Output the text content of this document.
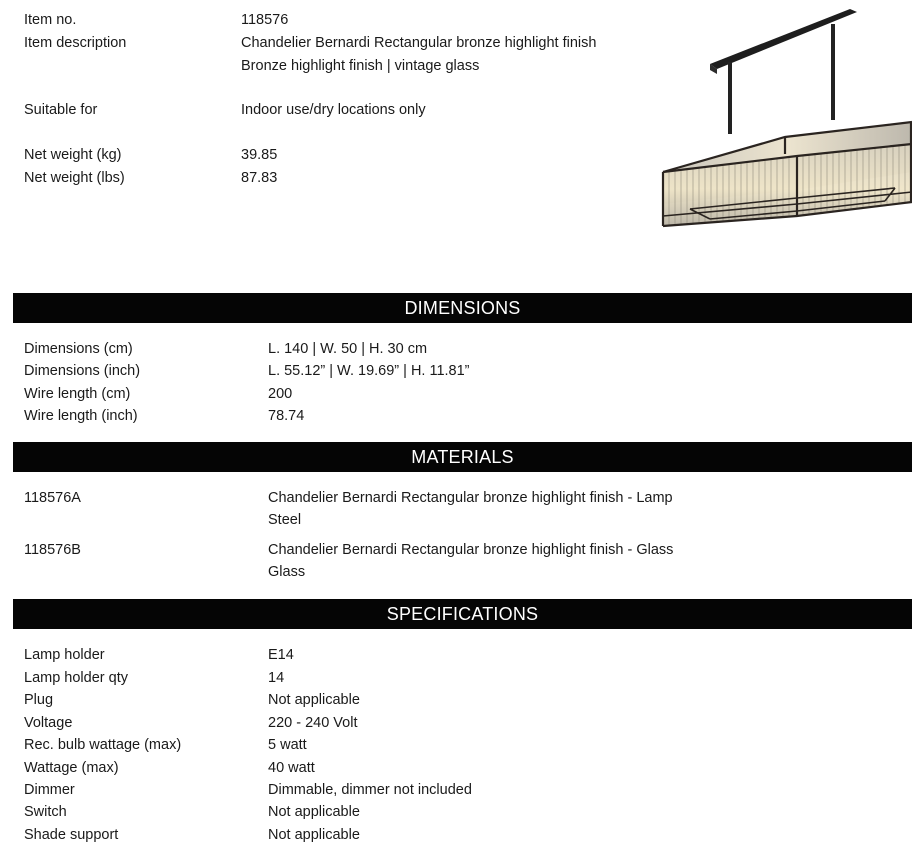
Item no.	118576
Item description	Chandelier Bernardi Rectangular bronze highlight finish
Bronze highlight finish | vintage glass
Suitable for	Indoor use/dry locations only
Net weight (kg)	39.85
Net weight (lbs)	87.83
DIMENSIONS
Dimensions (cm)	L. 140 | W. 50 | H. 30 cm
Dimensions (inch)	L. 55.12” | W. 19.69” | H. 11.81”
Wire length (cm)	200
Wire length (inch)	78.74
MATERIALS
118576A	Chandelier Bernardi Rectangular bronze highlight finish - Lamp
Steel
118576B	Chandelier Bernardi Rectangular bronze highlight finish - Glass
Glass
SPECIFICATIONS
Lamp holder	E14
Lamp holder qty	14
Plug	Not applicable
Voltage	220 - 240 Volt
Rec. bulb wattage (max)	5 watt
Wattage (max)	40 watt
Dimmer	Dimmable, dimmer not included
Switch	Not applicable
Shade support	Not applicable
